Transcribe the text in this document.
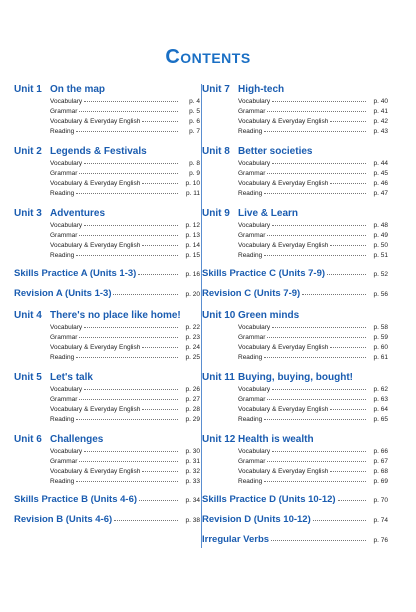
Contents
Unit 1 On the map
Vocabulary	p. 4
Grammar	p. 5
Vocabulary & Everyday English	p. 6
Reading	p. 7
Unit 2 Legends & Festivals
Vocabulary	p. 8
Grammar	p. 9
Vocabulary & Everyday English	p. 10
Reading	p. 11
Unit 3 Adventures
Vocabulary	p. 12
Grammar	p. 13
Vocabulary & Everyday English	p. 14
Reading	p. 15
Skills Practice A (Units 1-3)	p. 16
Revision A (Units 1-3)	p. 20
Unit 4 There's no place like home!
Vocabulary	p. 22
Grammar	p. 23
Vocabulary & Everyday English	p. 24
Reading	p. 25
Unit 5 Let's talk
Vocabulary	p. 26
Grammar	p. 27
Vocabulary & Everyday English	p. 28
Reading	p. 29
Unit 6 Challenges
Vocabulary	p. 30
Grammar	p. 31
Vocabulary & Everyday English	p. 32
Reading	p. 33
Skills Practice B (Units 4-6)	p. 34
Revision B (Units 4-6)	p. 38
Unit 7 High-tech
Vocabulary	p. 40
Grammar	p. 41
Vocabulary & Everyday English	p. 42
Reading	p. 43
Unit 8 Better societies
Vocabulary	p. 44
Grammar	p. 45
Vocabulary & Everyday English	p. 46
Reading	p. 47
Unit 9 Live & Learn
Vocabulary	p. 48
Grammar	p. 49
Vocabulary & Everyday English	p. 50
Reading	p. 51
Skills Practice C (Units 7-9)	p. 52
Revision C (Units 7-9)	p. 56
Unit 10 Green minds
Vocabulary	p. 58
Grammar	p. 59
Vocabulary & Everyday English	p. 60
Reading	p. 61
Unit 11 Buying, buying, bought!
Vocabulary	p. 62
Grammar	p. 63
Vocabulary & Everyday English	p. 64
Reading	p. 65
Unit 12 Health is wealth
Vocabulary	p. 66
Grammar	p. 67
Vocabulary & Everyday English	p. 68
Reading	p. 69
Skills Practice D (Units 10-12)	p. 70
Revision D (Units 10-12)	p. 74
Irregular Verbs	p. 76
